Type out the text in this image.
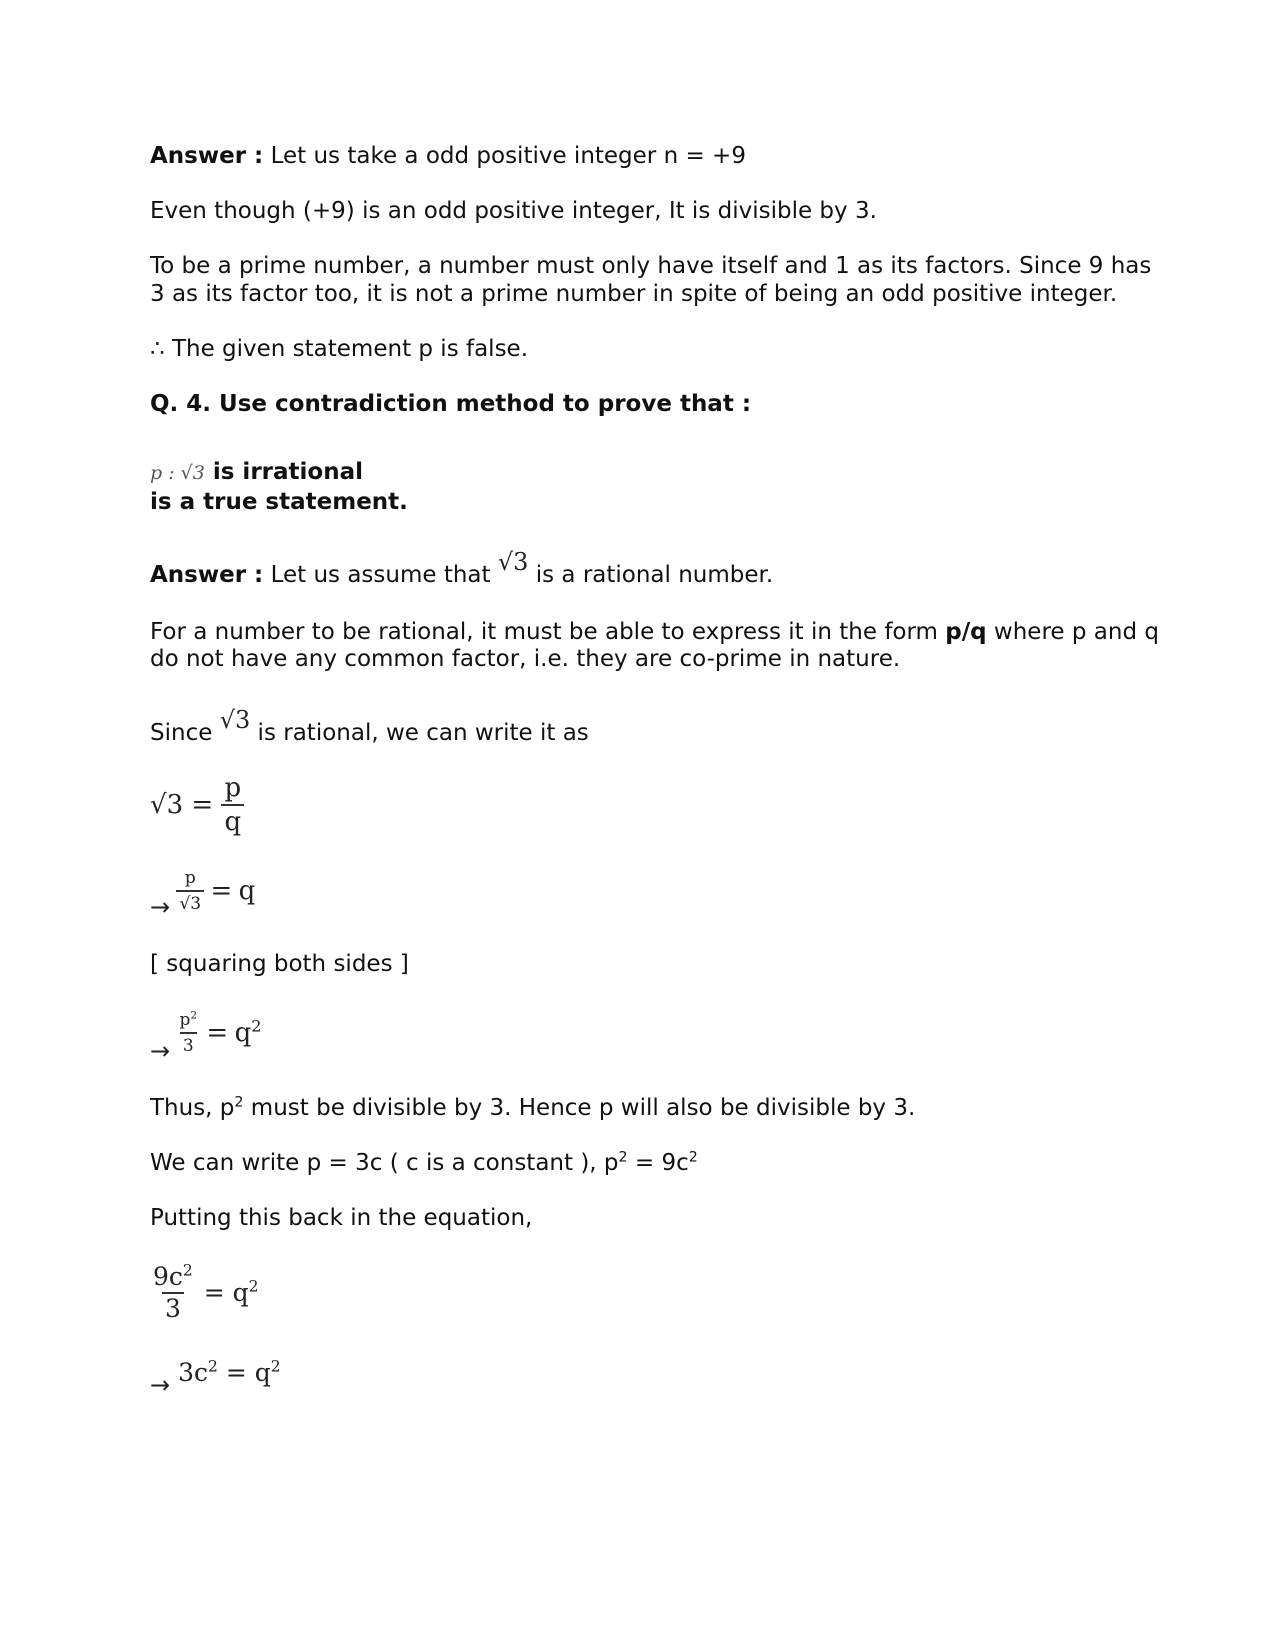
Answer : Let us take a odd positive integer n = +9
Even though (+9) is an odd positive integer, It is divisible by 3.
To be a prime number, a number must only have itself and 1 as its factors. Since 9 has
3 as its factor too, it is not a prime number in spite of being an odd positive integer.
∴ The given statement p is false.
Q. 4. Use contradiction method to prove that :
p : √3 is irrational
is a true statement.
Answer : Let us assume that √3 is a rational number.
For a number to be rational, it must be able to express it in the form p/q where p and q
do not have any common factor, i.e. they are co-prime in nature.
Since √3 is rational, we can write it as
$√3 = \frac{p}{q}$
→ $\frac{p}{√3} = q$
[ squaring both sides ]
→ $\frac{p^2}{3} = q^2$
Thus, $p^2$ must be divisible by 3. Hence p will also be divisible by 3.
We can write p = 3c ( c is a constant ), $p^2 = 9c^2$
Putting this back in the equation,
$\frac{9c^2}{3} = q^2$
→ $3c^2 = q^2$
